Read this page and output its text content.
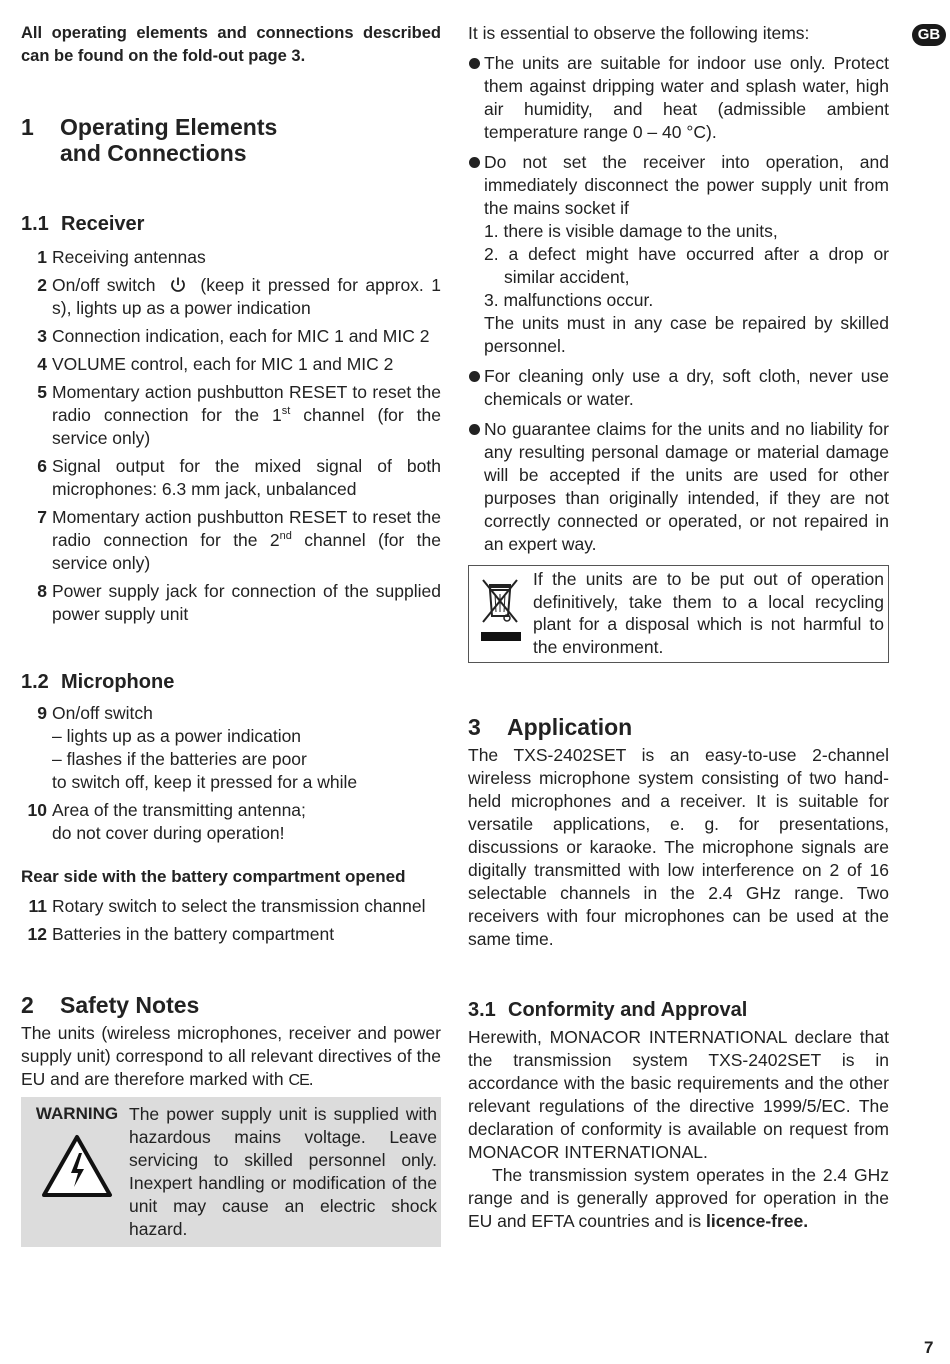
GB

All operating elements and connections described can be found on the fold-out page 3.

1	Operating Elements
and Connections
1.1 Receiver
1 Receiving antennas
2 On/off switch	(keep it pressed for approx. 1 s), lights up as a power indication
3 Connection indication, each for MIC 1 and MIC 2
4 VOLUME control, each for MIC 1 and MIC 2
5 Momentary action pushbutton RESET to reset the radio connection for the 1st channel (for the service only)
6 Signal output for the mixed signal of both microphones: 6.3 mm jack, unbalanced
7 Momentary action pushbutton RESET to reset the radio connection for the 2nd channel (for the service only)
8 Power supply jack for connection of the supplied power supply unit
1.2 Microphone
9 On/off switch
– lights up as a power indication
– flashes if the batteries are poor
to switch off, keep it pressed for a while
10 Area of the transmitting antenna;
do not cover during operation!
Rear side with the battery compartment opened
11 Rotary switch to select the transmission channel
12 Batteries in the battery compartment
2	Safety Notes

The units (wireless microphones, receiver and power supply unit) correspond to all relevant directives of the EU and are therefore marked with CE.

WARNING The power supply unit is supplied with hazardous mains voltage. Leave servicing to skilled personnel only. Inexpert handling or modification of the unit may cause an electric shock hazard.

It is essential to observe the following items:

The units are suitable for indoor use only. Protect them against dripping water and splash water, high air humidity, and heat (admissible ambient temperature range 0 – 40 °C).
Do not set the receiver into operation, and immediately disconnect the power supply unit from the mains socket if
1. there is visible damage to the units,
2. a defect might have occurred after a drop or
similar accident,
3. malfunctions occur.
The units must in any case be repaired by skilled personnel.
For cleaning only use a dry, soft cloth, never use chemicals or water.
No guarantee claims for the units and no liability for any resulting personal damage or material damage will be accepted if the units are used for other purposes than originally intended, if they are not correctly connected or operated, or not repaired in an expert way.
If the units are to be put out of operation definitively, take them to a local recycling plant for a disposal which is not harmful to the environment.
3	Application

The TXS-2402SET is an easy-to-use 2-channel wireless microphone system consisting of two hand-held microphones and a receiver. It is suitable for versatile applications, e. g. for presentations, discussions or karaoke. The microphone signals are digitally transmitted with low interference on 2 of 16 selectable channels in the 2.4 GHz range. Two receivers with four microphones can be used at the same time.

3.1 Conformity and Approval

Herewith, MONACOR INTERNATIONAL declare that the transmission system TXS-2402SET is in accordance with the basic requirements and the other relevant regulations of the directive 1999/5/EC. The declaration of conformity is available on request from MONACOR INTERNATIONAL.

The transmission system operates in the 2.4 GHz range and is generally approved for operation in the EU and EFTA countries and is licence-free.

7
